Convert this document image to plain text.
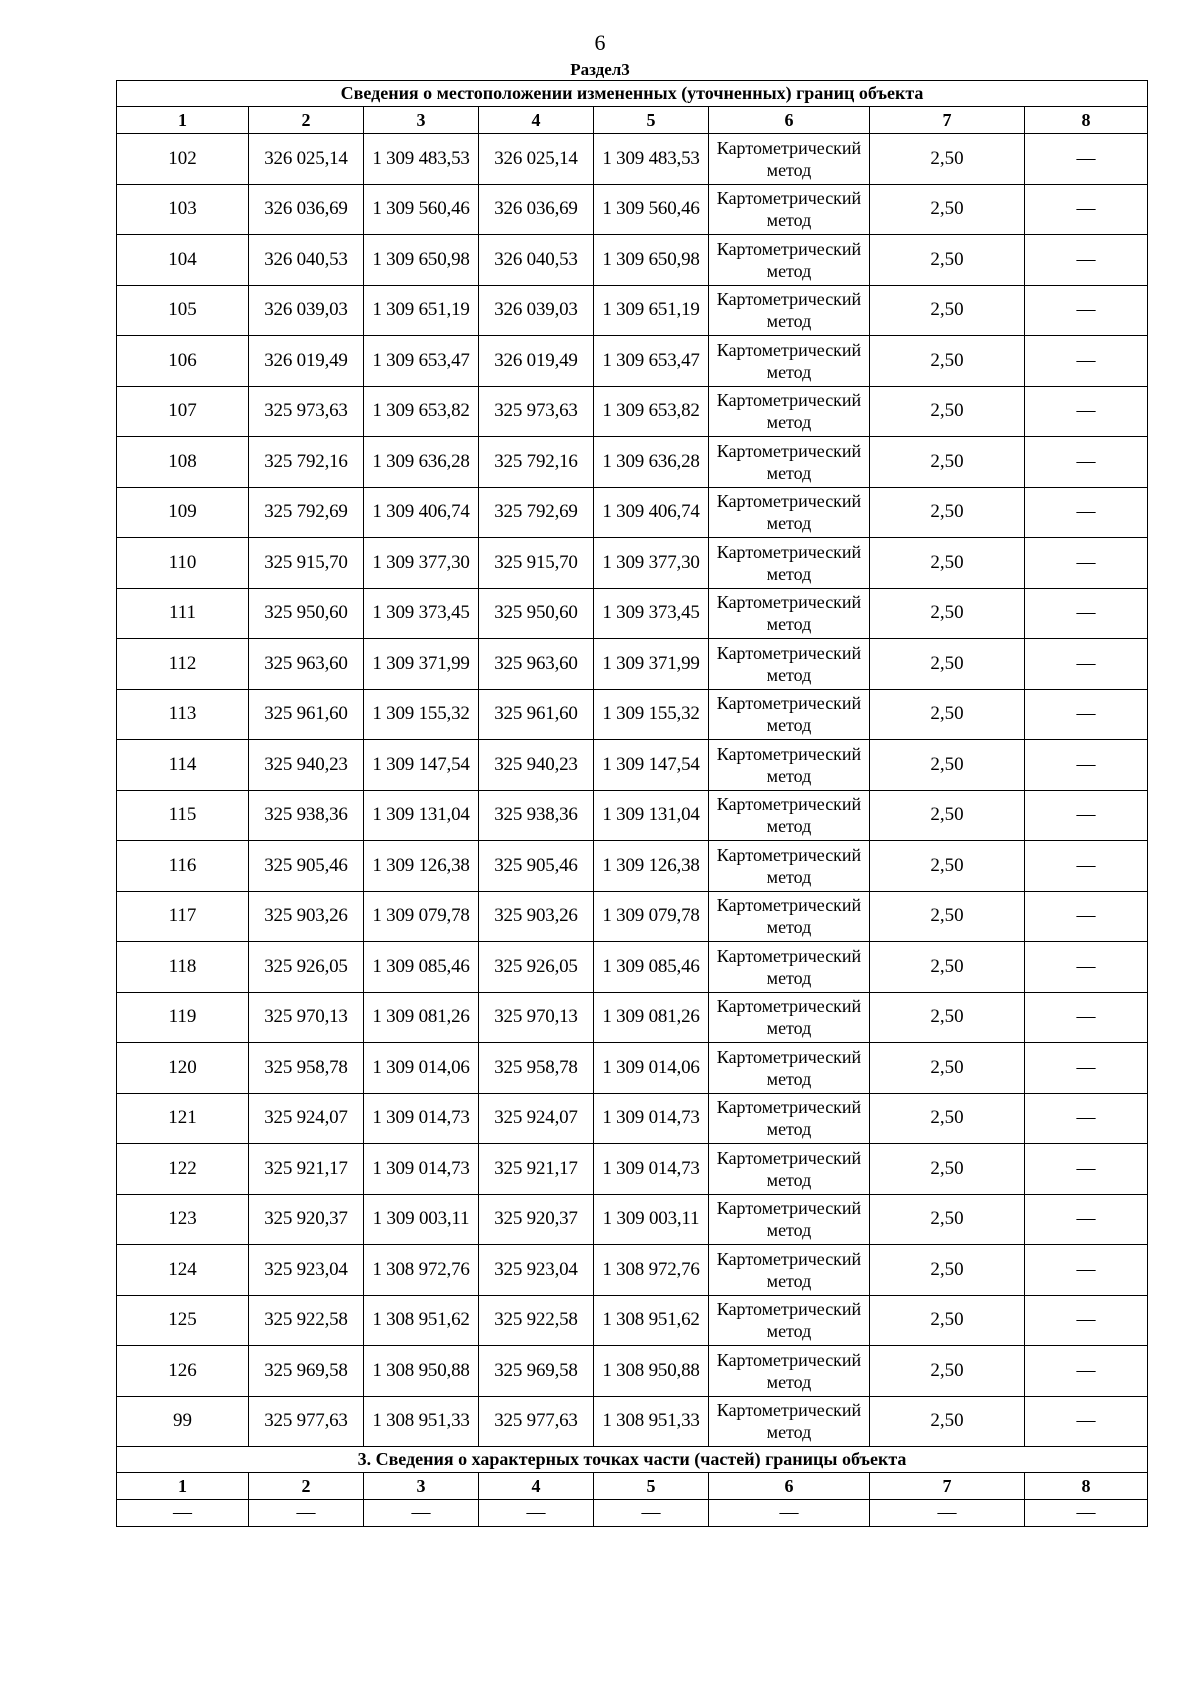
6
Раздел3
Сведения о местоположении измененных (уточненных) границ объекта							
1	2	3	4	5	6	7	8
102	326 025,14	1 309 483,53	326 025,14	1 309 483,53	Картометрический метод	2,50	—
103	326 036,69	1 309 560,46	326 036,69	1 309 560,46	Картометрический метод	2,50	—
104	326 040,53	1 309 650,98	326 040,53	1 309 650,98	Картометрический метод	2,50	—
105	326 039,03	1 309 651,19	326 039,03	1 309 651,19	Картометрический метод	2,50	—
106	326 019,49	1 309 653,47	326 019,49	1 309 653,47	Картометрический метод	2,50	—
107	325 973,63	1 309 653,82	325 973,63	1 309 653,82	Картометрический метод	2,50	—
108	325 792,16	1 309 636,28	325 792,16	1 309 636,28	Картометрический метод	2,50	—
109	325 792,69	1 309 406,74	325 792,69	1 309 406,74	Картометрический метод	2,50	—
110	325 915,70	1 309 377,30	325 915,70	1 309 377,30	Картометрический метод	2,50	—
111	325 950,60	1 309 373,45	325 950,60	1 309 373,45	Картометрический метод	2,50	—
112	325 963,60	1 309 371,99	325 963,60	1 309 371,99	Картометрический метод	2,50	—
113	325 961,60	1 309 155,32	325 961,60	1 309 155,32	Картометрический метод	2,50	—
114	325 940,23	1 309 147,54	325 940,23	1 309 147,54	Картометрический метод	2,50	—
115	325 938,36	1 309 131,04	325 938,36	1 309 131,04	Картометрический метод	2,50	—
116	325 905,46	1 309 126,38	325 905,46	1 309 126,38	Картометрический метод	2,50	—
117	325 903,26	1 309 079,78	325 903,26	1 309 079,78	Картометрический метод	2,50	—
118	325 926,05	1 309 085,46	325 926,05	1 309 085,46	Картометрический метод	2,50	—
119	325 970,13	1 309 081,26	325 970,13	1 309 081,26	Картометрический метод	2,50	—
120	325 958,78	1 309 014,06	325 958,78	1 309 014,06	Картометрический метод	2,50	—
121	325 924,07	1 309 014,73	325 924,07	1 309 014,73	Картометрический метод	2,50	—
122	325 921,17	1 309 014,73	325 921,17	1 309 014,73	Картометрический метод	2,50	—
123	325 920,37	1 309 003,11	325 920,37	1 309 003,11	Картометрический метод	2,50	—
124	325 923,04	1 308 972,76	325 923,04	1 308 972,76	Картометрический метод	2,50	—
125	325 922,58	1 308 951,62	325 922,58	1 308 951,62	Картометрический метод	2,50	—
126	325 969,58	1 308 950,88	325 969,58	1 308 950,88	Картометрический метод	2,50	—
99	325 977,63	1 308 951,33	325 977,63	1 308 951,33	Картометрический метод	2,50	—
3. Сведения о характерных точках части (частей) границы объекта							
1	2	3	4	5	6	7	8
—	—	—	—	—	—	—	—
